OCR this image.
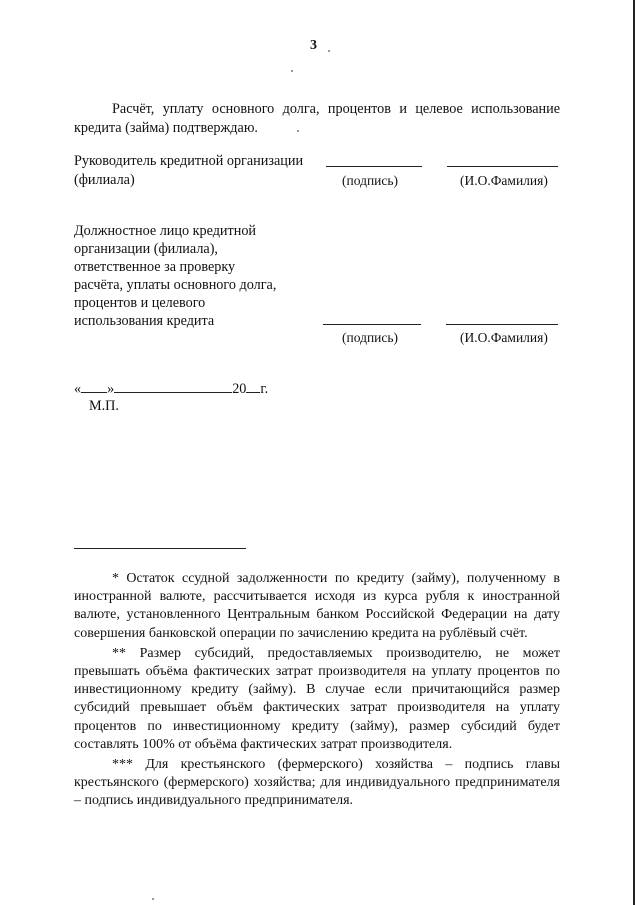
3
Расчёт, уплату основного долга, процентов и целевое использование кредита (займа) подтверждаю.
Руководитель кредитной организации
(филиала)	(подпись)	(И.О.Фамилия)
Должностное лицо кредитной
организации (филиала),
ответственное за проверку
расчёта, уплаты основного долга,
процентов и целевого
использования кредита
(подпись)	(И.О.Фамилия)
« »	20 г.
М.П.

* Остаток ссудной задолженности по кредиту (займу), полученному в иностранной валюте, рассчитывается исходя из курса рубля к иностранной валюте, установленного Центральным банком Российской Федерации на дату совершения банковской операции по зачислению кредита на рублёвый счёт.

** Размер субсидий, предоставляемых производителю, не может превышать объёма фактических затрат производителя на уплату процентов по инвестиционному кредиту (займу). В случае если причитающийся размер субсидий превышает объём фактических затрат производителя на уплату процентов по инвестиционному кредиту (займу), размер субсидий будет составлять 100% от объёма фактических затрат производителя.

*** Для крестьянского (фермерского) хозяйства – подпись главы крестьянского (фермерского) хозяйства; для индивидуального предпринимателя – подпись индивидуального предпринимателя.
